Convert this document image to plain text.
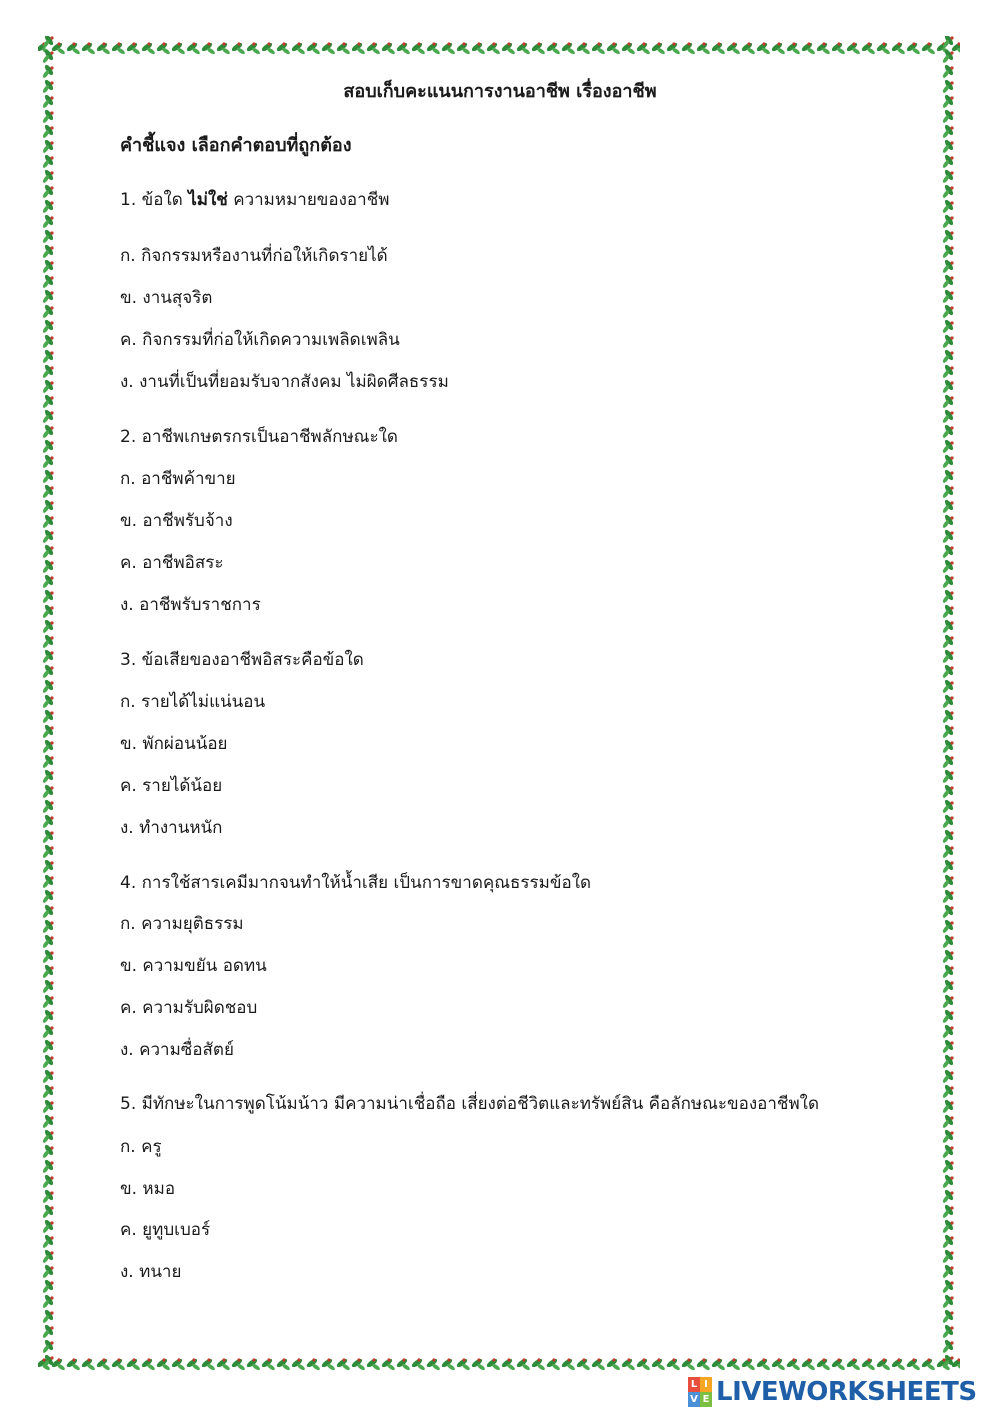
สอบเก็บคะแนนการงานอาชีพ เรื่องอาชีพ

คำชี้แจง เลือกคำตอบที่ถูกต้อง

1. ข้อใด ไม่ใช่ ความหมายของอาชีพ

ก. กิจกรรมหรืองานที่ก่อให้เกิดรายได้

ข. งานสุจริต

ค. กิจกรรมที่ก่อให้เกิดความเพลิดเพลิน

ง. งานที่เป็นที่ยอมรับจากสังคม ไม่ผิดศีลธรรม

2. อาชีพเกษตรกรเป็นอาชีพลักษณะใด

ก. อาชีพค้าขาย

ข. อาชีพรับจ้าง

ค. อาชีพอิสระ

ง. อาชีพรับราชการ

3. ข้อเสียของอาชีพอิสระคือข้อใด

ก. รายได้ไม่แน่นอน

ข. พักผ่อนน้อย

ค. รายได้น้อย

ง. ทำงานหนัก

4. การใช้สารเคมีมากจนทำให้น้ำเสีย เป็นการขาดคุณธรรมข้อใด

ก. ความยุติธรรม

ข. ความขยัน อดทน

ค. ความรับผิดชอบ

ง. ความซื่อสัตย์

5. มีทักษะในการพูดโน้มน้าว มีความน่าเชื่อถือ เสี่ยงต่อชีวิตและทรัพย์สิน คือลักษณะของอาชีพใด

ก. ครู

ข. หมอ

ค. ยูทูบเบอร์

ง. ทนาย

L I
V E LIVEWORKSHEETS
